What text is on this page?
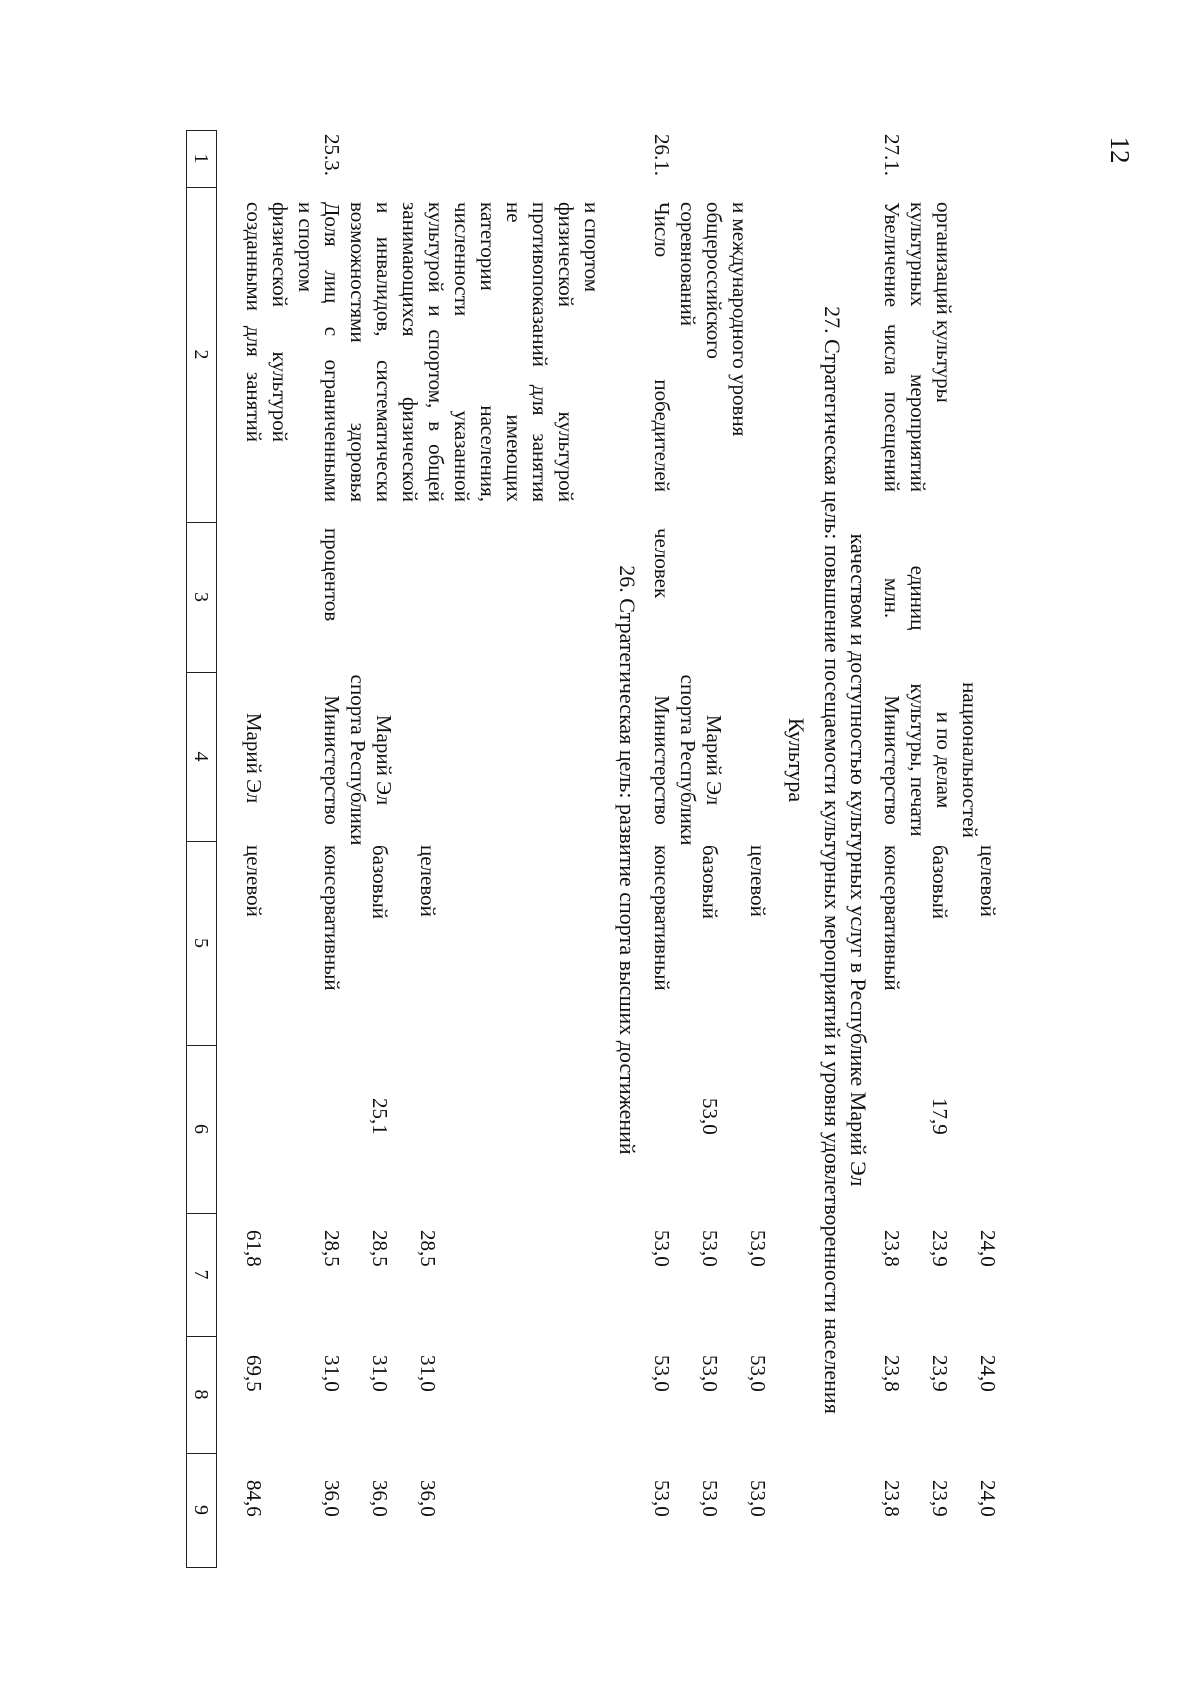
12
1
2
3
4
5
6
7
8
9
созданными для занятий физической культурой и спортом
Марий Эл
целевой
61,8
69,5
84,6
25.3.
Доля лиц с ограниченными возможностями здоровья и инвалидов, систематически занимающихся физической культурой и спортом, в общей численности указанной категории населения, не имеющих противопоказаний для занятия физической культурой и спортом
процентов
Министерство спорта Республики Марий Эл
консервативный базовый целевой
25,1
28,5 28,5 28,5
31,0 31,0 31,0
36,0 36,0 36,0
26. Стратегическая цель: развитие спорта высших достижений
26.1.
Число победителей соревнований общероссийского и международного уровня
человек
Министерство спорта Республики Марий Эл
консервативный базовый целевой
53,0
53,0 53,0 53,0
53,0 53,0 53,0
53,0 53,0 53,0
Культура 27. Стратегическая цель: повышение посещаемости культурных мероприятий и уровня удовлетворенности населения качеством и доступностью культурных услуг в Республике Марий Эл
27.1.
Увеличение числа посещений культурных мероприятий организаций культуры
млн. единиц
Министерство культуры, печати и по делам национальностей
консервативный базовый целевой
17,9
23,8 23,9 24,0
23,8 23,9 24,0
23,8 23,9 24,0
